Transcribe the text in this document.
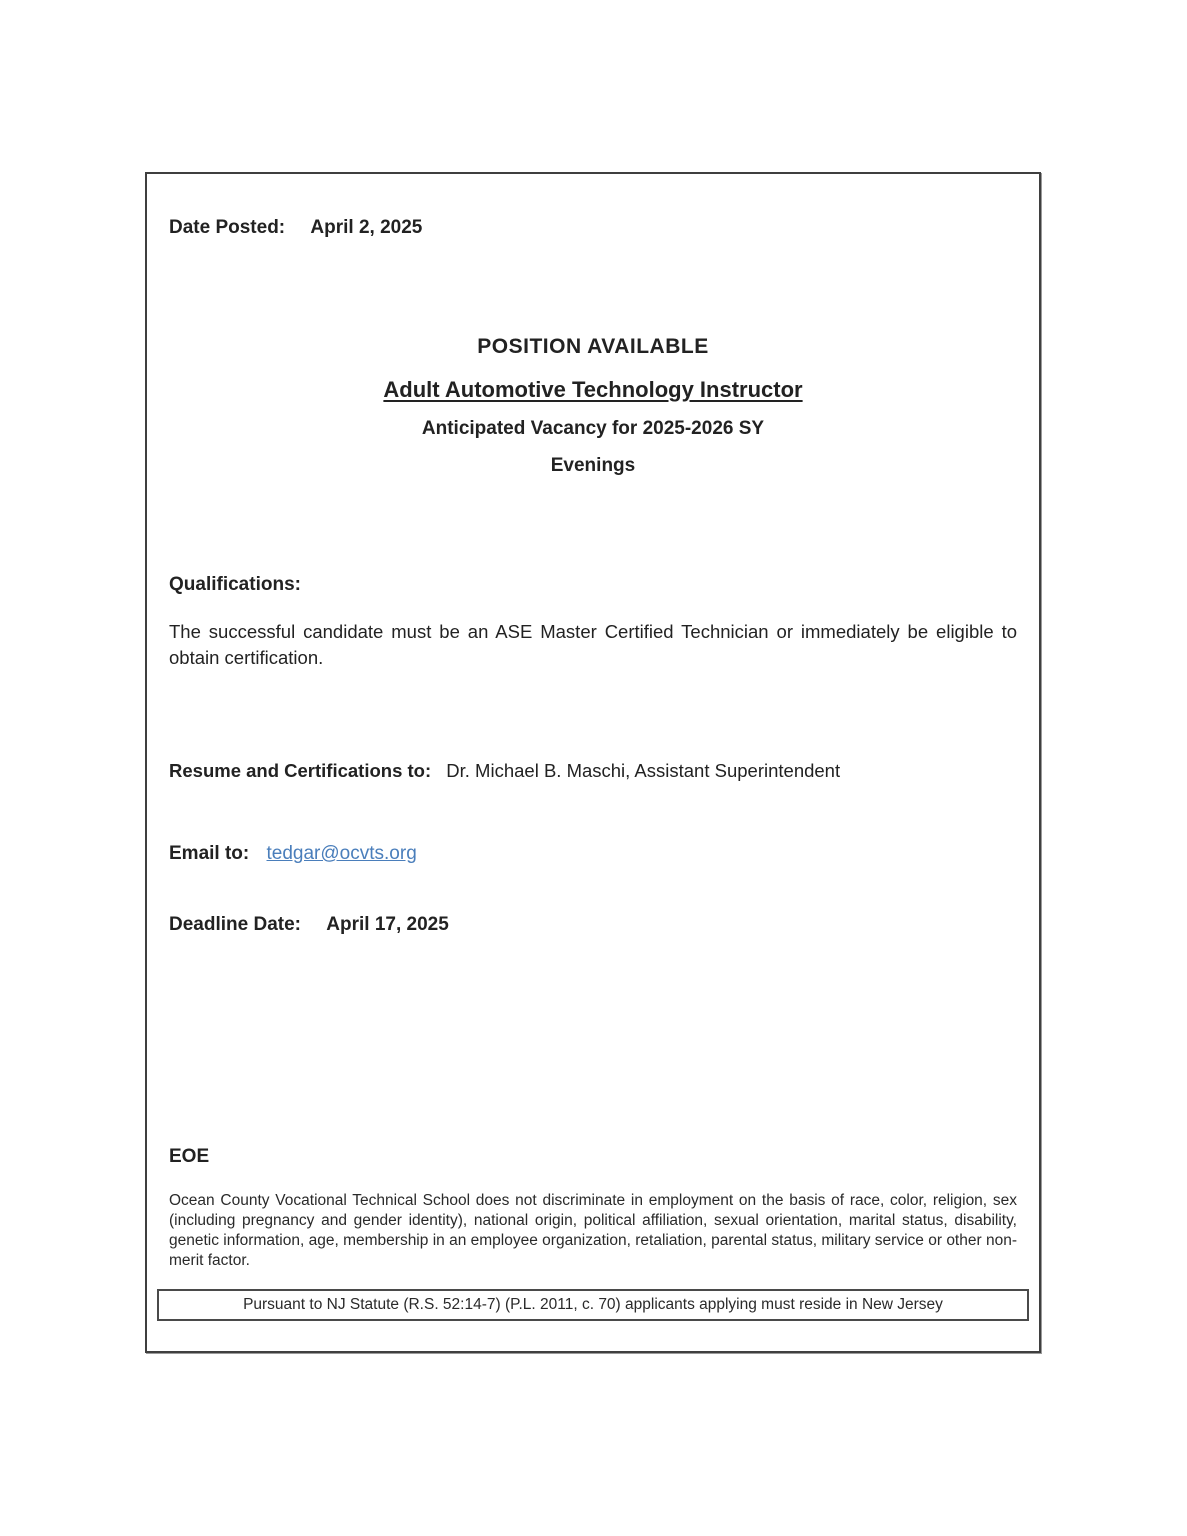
Date Posted: April 2, 2025
POSITION AVAILABLE
Adult Automotive Technology Instructor
Anticipated Vacancy for 2025-2026 SY
Evenings
Qualifications:

The successful candidate must be an ASE Master Certified Technician or immediately be eligible to obtain certification.

Resume and Certifications to: Dr. Michael B. Maschi, Assistant Superintendent
Email to: tedgar@ocvts.org
Deadline Date: April 17, 2025
EOE

Ocean County Vocational Technical School does not discriminate in employment on the basis of race, color, religion, sex (including pregnancy and gender identity), national origin, political affiliation, sexual orientation, marital status, disability, genetic information, age, membership in an employee organization, retaliation, parental status, military service or other non-merit factor.

Pursuant to NJ Statute (R.S. 52:14-7) (P.L. 2011, c. 70) applicants applying must reside in New Jersey
